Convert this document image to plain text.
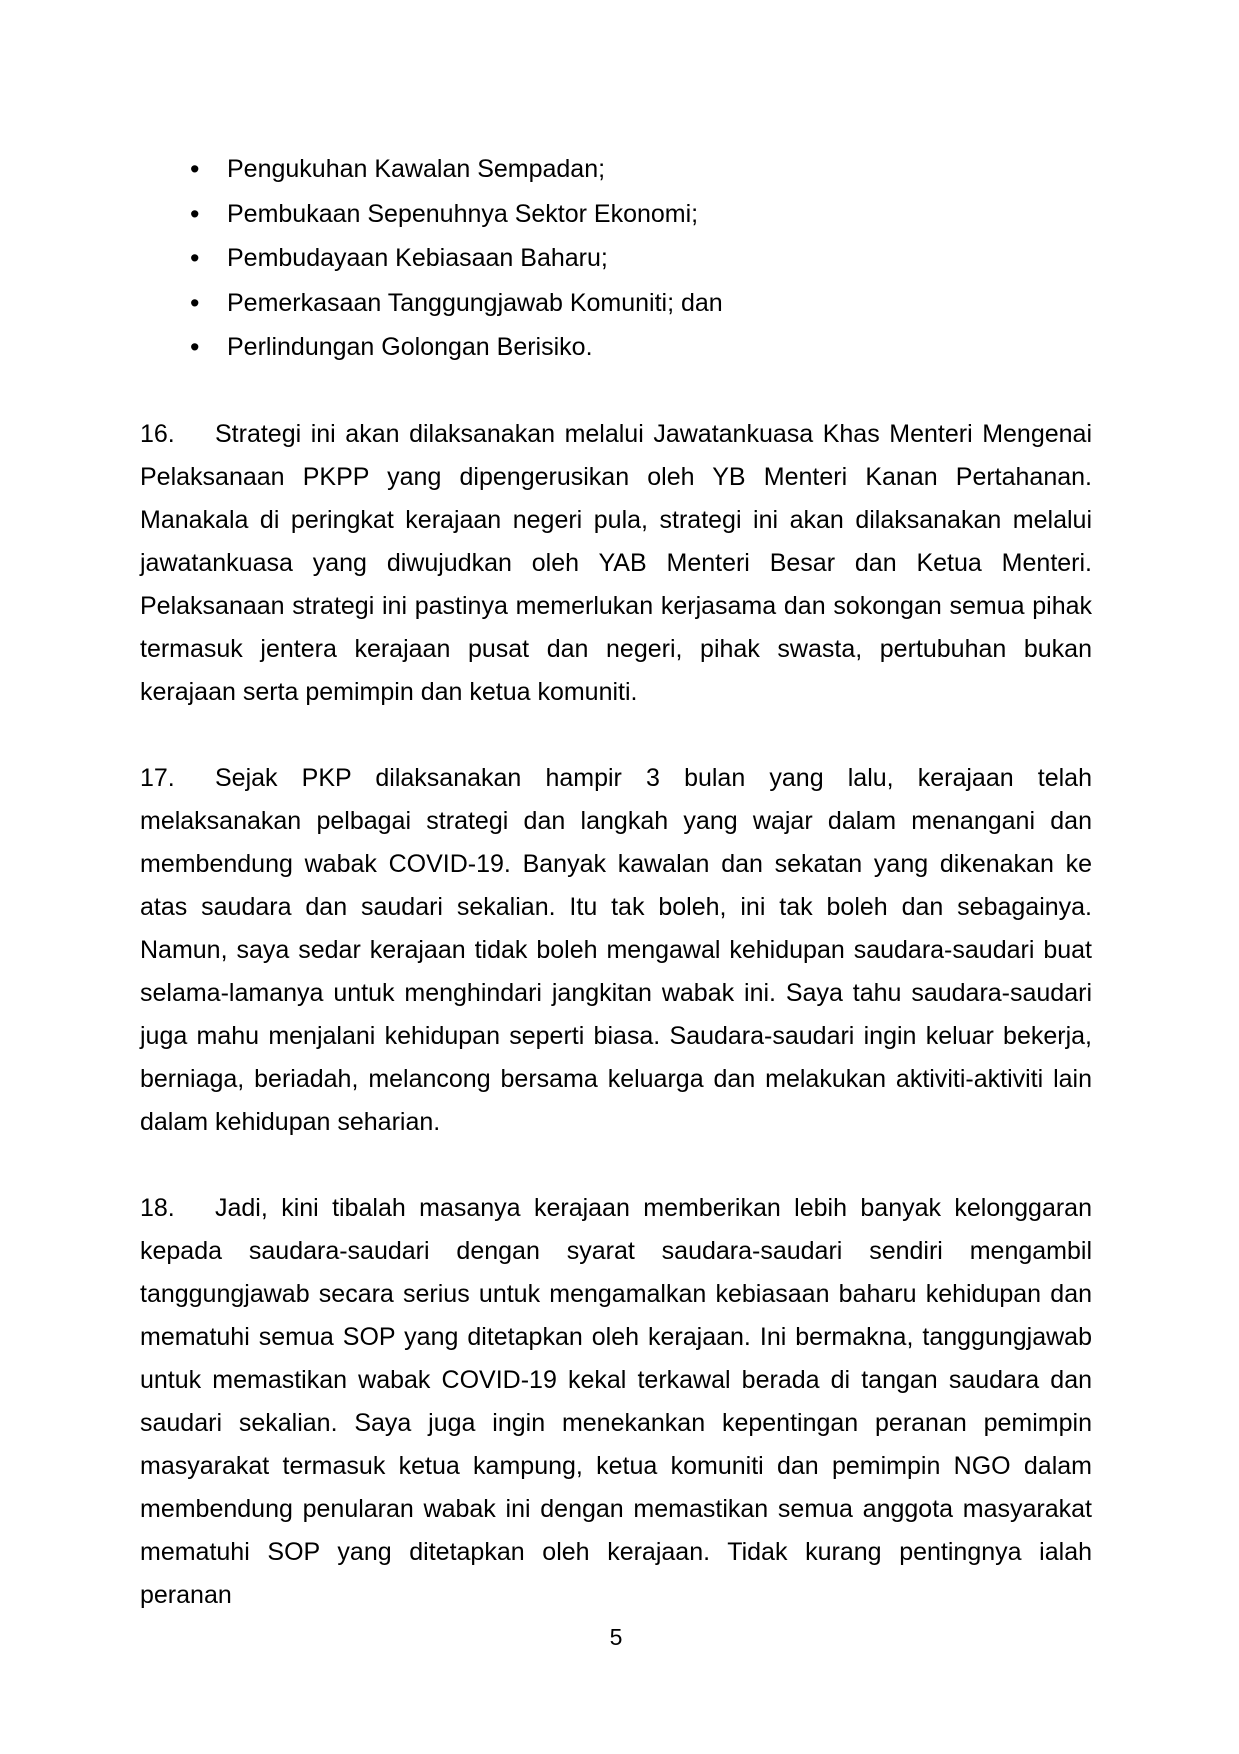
• Pengukuhan Kawalan Sempadan;
• Pembukaan Sepenuhnya Sektor Ekonomi;
• Pembudayaan Kebiasaan Baharu;
• Pemerkasaan Tanggungjawab Komuniti; dan
• Perlindungan Golongan Berisiko.

16. Strategi ini akan dilaksanakan melalui Jawatankuasa Khas Menteri Mengenai Pelaksanaan PKPP yang dipengerusikan oleh YB Menteri Kanan Pertahanan. Manakala di peringkat kerajaan negeri pula, strategi ini akan dilaksanakan melalui jawatankuasa yang diwujudkan oleh YAB Menteri Besar dan Ketua Menteri. Pelaksanaan strategi ini pastinya memerlukan kerjasama dan sokongan semua pihak termasuk jentera kerajaan pusat dan negeri, pihak swasta, pertubuhan bukan kerajaan serta pemimpin dan ketua komuniti.

17. Sejak PKP dilaksanakan hampir 3 bulan yang lalu, kerajaan telah melaksanakan pelbagai strategi dan langkah yang wajar dalam menangani dan membendung wabak COVID-19. Banyak kawalan dan sekatan yang dikenakan ke atas saudara dan saudari sekalian. Itu tak boleh, ini tak boleh dan sebagainya. Namun, saya sedar kerajaan tidak boleh mengawal kehidupan saudara-saudari buat selama-lamanya untuk menghindari jangkitan wabak ini. Saya tahu saudara-saudari juga mahu menjalani kehidupan seperti biasa. Saudara-saudari ingin keluar bekerja, berniaga, beriadah, melancong bersama keluarga dan melakukan aktiviti-aktiviti lain dalam kehidupan seharian.

18. Jadi, kini tibalah masanya kerajaan memberikan lebih banyak kelonggaran kepada saudara-saudari dengan syarat saudara-saudari sendiri mengambil tanggungjawab secara serius untuk mengamalkan kebiasaan baharu kehidupan dan mematuhi semua SOP yang ditetapkan oleh kerajaan. Ini bermakna, tanggungjawab untuk memastikan wabak COVID-19 kekal terkawal berada di tangan saudara dan saudari sekalian. Saya juga ingin menekankan kepentingan peranan pemimpin masyarakat termasuk ketua kampung, ketua komuniti dan pemimpin NGO dalam membendung penularan wabak ini dengan memastikan semua anggota masyarakat mematuhi SOP yang ditetapkan oleh kerajaan. Tidak kurang pentingnya ialah peranan

5
